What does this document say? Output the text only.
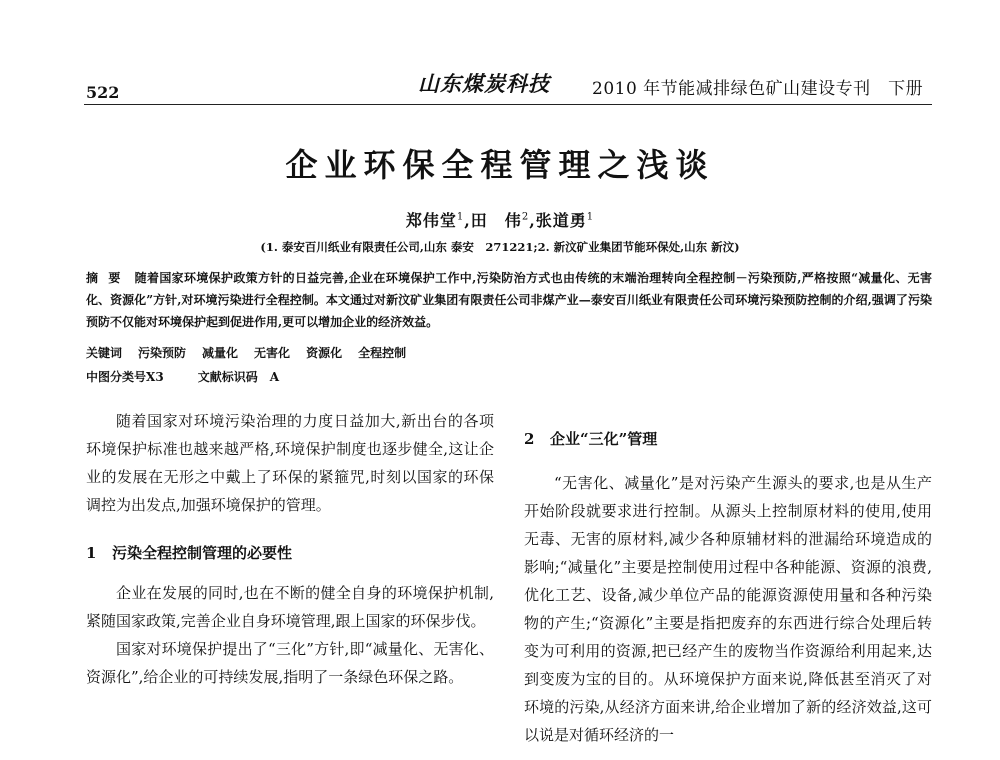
522	山东煤炭科技 2010 年节能减排绿色矿山建设专刊　下册
企业环保全程管理之浅谈
郑伟堂$^1$,田　伟$^2$,张道勇$^1$
(1. 泰安百川纸业有限责任公司,山东 泰安　271221;2. 新汶矿业集团节能环保处,山东 新汶)
摘要 随着国家环境保护政策方针的日益完善,企业在环境保护工作中,污染防治方式也由传统的末端治理转向全程控制－污染预防,严格按照“减量化、无害化、资源化”方针,对环境污染进行全程控制。本文通过对新汶矿业集团有限责任公司非煤产业—泰安百川纸业有限责任公司环境污染预防控制的介绍,强调了污染预防不仅能对环境保护起到促进作用,更可以增加企业的经济效益。
关键词 污染预防 减量化 无害化 资源化 全程控制
中图分类号X3	文献标识码　 A

随着国家对环境污染治理的力度日益加大,新出台的各项环境保护标准也越来越严格,环境保护制度也逐步健全,这让企业的发展在无形之中戴上了环保的紧箍咒,时刻以国家的环保调控为出发点,加强环境保护的管理。

1 污染全程控制管理的必要性

企业在发展的同时,也在不断的健全自身的环境保护机制,紧随国家政策,完善企业自身环境管理,跟上国家的环保步伐。

国家对环境保护提出了“三化”方针,即“减量化、无害化、资源化”,给企业的可持续发展,指明了一条绿色环保之路。

2 企业“三化”管理

“无害化、减量化”是对污染产生源头的要求,也是从生产开始阶段就要求进行控制。从源头上控制原材料的使用,使用无毒、无害的原材料,减少各种原辅材料的泄漏给环境造成的影响;“减量化”主要是控制使用过程中各种能源、资源的浪费,优化工艺、设备,减少单位产品的能源资源使用量和各种污染物的产生;“资源化”主要是指把废弃的东西进行综合处理后转变为可利用的资源,把已经产生的废物当作资源给利用起来,达到变废为宝的目的。从环境保护方面来说,降低甚至消灭了对环境的污染,从经济方面来讲,给企业增加了新的经济效益,这可以说是对循环经济的一
